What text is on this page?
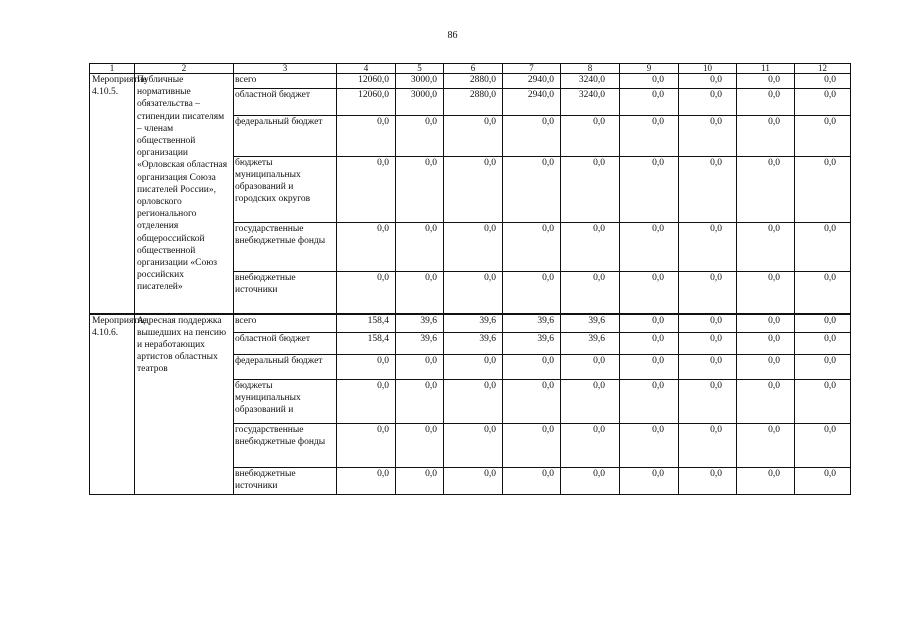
86
1	2	3	4	5	6	7	8	9	10	11	12
Мероприятие 4.10.5.	Публичные нормативные обязательства – стипендии писателям – членам общественной организации «Орловская областная организация Союза писателей России», орловского регионального отделения общероссийской общественной организации «Союз российских писателей»	всего	12060,0	3000,0	2880,0	2940,0	3240,0	0,0	0,0	0,0	0,0
		областной бюджет	12060,0	3000,0	2880,0	2940,0	3240,0	0,0	0,0	0,0	0,0
		федеральный бюджет	0,0	0,0	0,0	0,0	0,0	0,0	0,0	0,0	0,0
		бюджеты муниципальных образований и городских округов	0,0	0,0	0,0	0,0	0,0	0,0	0,0	0,0	0,0
		государственные внебюджетные фонды	0,0	0,0	0,0	0,0	0,0	0,0	0,0	0,0	0,0
		внебюджетные источники	0,0	0,0	0,0	0,0	0,0	0,0	0,0	0,0	0,0
Мероприятие 4.10.6.	Адресная поддержка вышедших на пенсию и неработающих артистов областных театров	всего	158,4	39,6	39,6	39,6	39,6	0,0	0,0	0,0	0,0
		областной бюджет	158,4	39,6	39,6	39,6	39,6	0,0	0,0	0,0	0,0
		федеральный бюджет	0,0	0,0	0,0	0,0	0,0	0,0	0,0	0,0	0,0
		бюджеты муниципальных образований и	0,0	0,0	0,0	0,0	0,0	0,0	0,0	0,0	0,0
		государственные внебюджетные фонды	0,0	0,0	0,0	0,0	0,0	0,0	0,0	0,0	0,0
		внебюджетные источники	0,0	0,0	0,0	0,0	0,0	0,0	0,0	0,0	0,0
